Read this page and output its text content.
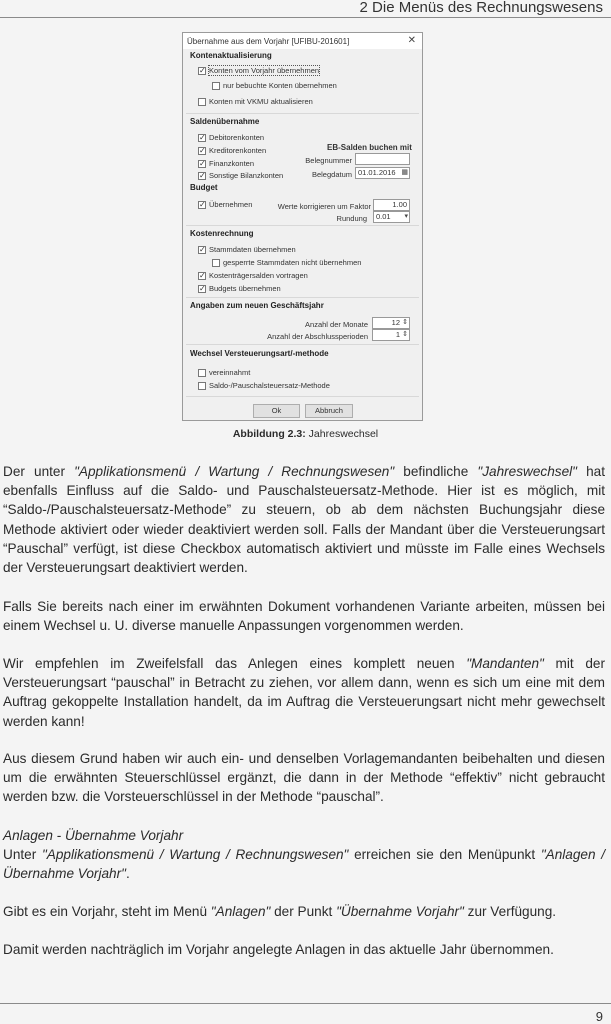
2 Die Menüs des Rechnungswesens
Übernahme aus dem Vorjahr [UFIBU-201601]	✕
Kontenaktualisierung
✓ Konten vom Vorjahr übernehmen
nur bebuchte Konten übernehmen
Konten mit VKMU aktualisieren
Saldenübernahme
✓ Debitorenkonten
✓ Kreditorenkonten
✓ Finanzkonten
✓ Sonstige Bilanzkonten
EB-Salden buchen mit
Belegnummer
Belegdatum 01.01.2016 ▦
Budget
✓ Übernehmen	Werte korrigieren um Faktor	1.00
Rundung	0.01 ▾
Kostenrechnung
✓ Stammdaten übernehmen
gesperrte Stammdaten nicht übernehmen
✓ Kostenträgersalden vortragen
✓ Budgets übernehmen
Angaben zum neuen Geschäftsjahr
Anzahl der Monate	12 ⇕
Anzahl der Abschlussperioden	1 ⇕
Wechsel Versteuerungsart/-methode
vereinnahmt
Saldo-/Pauschalsteuersatz-Methode
Ok	Abbruch
Abbildung 2.3: Jahreswechsel

Der unter "Applikationsmenü / Wartung / Rechnungswesen" befindliche "Jahreswechsel" hat ebenfalls Einfluss auf die Saldo- und Pauschalsteuersatz-Methode. Hier ist es möglich, mit “Saldo-/Pauschalsteuersatz-Methode” zu steuern, ob ab dem nächsten Buchungsjahr diese Methode aktiviert oder wieder deaktiviert werden soll. Falls der Mandant über die Versteuerungsart “Pauschal” verfügt, ist diese Checkbox automatisch aktiviert und müsste im Falle eines Wechsels der Versteuerungsart deaktiviert werden.

Falls Sie bereits nach einer im erwähnten Dokument vorhandenen Variante arbeiten, müssen bei einem Wechsel u. U. diverse manuelle Anpassungen vorgenommen werden.

Wir empfehlen im Zweifelsfall das Anlegen eines komplett neuen "Mandanten" mit der Versteuerungsart “pauschal” in Betracht zu ziehen, vor allem dann, wenn es sich um eine mit dem Auftrag gekoppelte Installation handelt, da im Auftrag die Versteuerungsart nicht mehr gewechselt werden kann!

Aus diesem Grund haben wir auch ein- und denselben Vorlagemandanten beibehalten und diesen um die erwähnten Steuerschlüssel ergänzt, die dann in der Methode “effektiv” nicht gebraucht werden bzw. die Vorsteuerschlüssel in der Methode “pauschal”.

Anlagen - Übernahme Vorjahr

Unter "Applikationsmenü / Wartung / Rechnungswesen" erreichen sie den Menüpunkt "Anlagen / Übernahme Vorjahr".

Gibt es ein Vorjahr, steht im Menü "Anlagen" der Punkt "Übernahme Vorjahr" zur Verfügung.

Damit werden nachträglich im Vorjahr angelegte Anlagen in das aktuelle Jahr übernommen.

9
